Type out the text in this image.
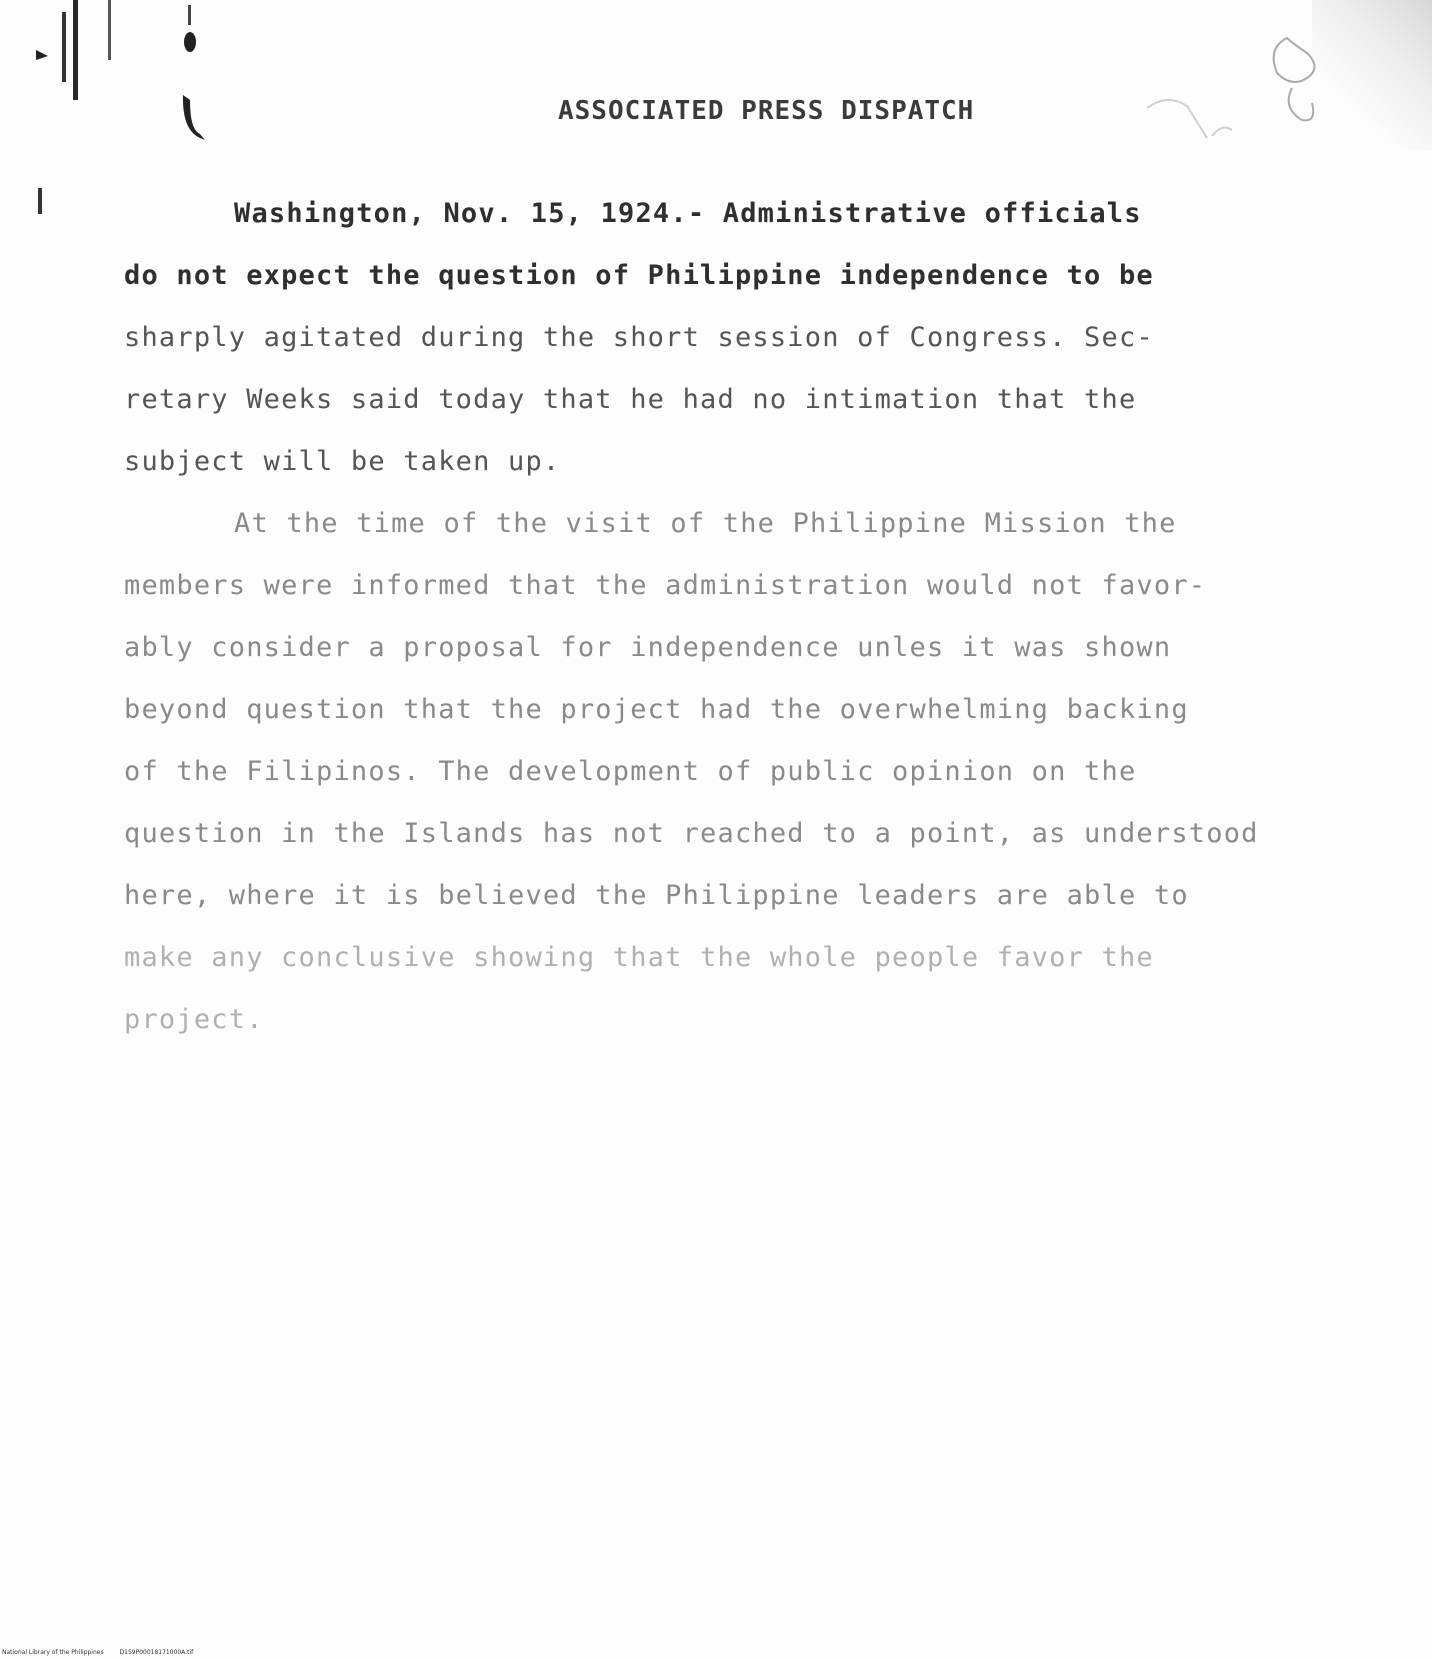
ASSOCIATED PRESS DISPATCH
Washington, Nov. 15, 1924.- Administrative officials
do not expect the question of Philippine independence to be
sharply agitated during the short session of Congress. Sec-
retary Weeks said today that he had no intimation that the
subject will be taken up.
At the time of the visit of the Philippine Mission the
members were informed that the administration would not favor-
ably consider a proposal for independence unles it was shown
beyond question that the project had the overwhelming backing
of the Filipinos. The development of public opinion on the
question in the Islands has not reached to a point, as understood
here, where it is believed the Philippine leaders are able to
make any conclusive showing that the whole people favor the
project.
National Library of the Philippines	D159P00018171000A.tif
